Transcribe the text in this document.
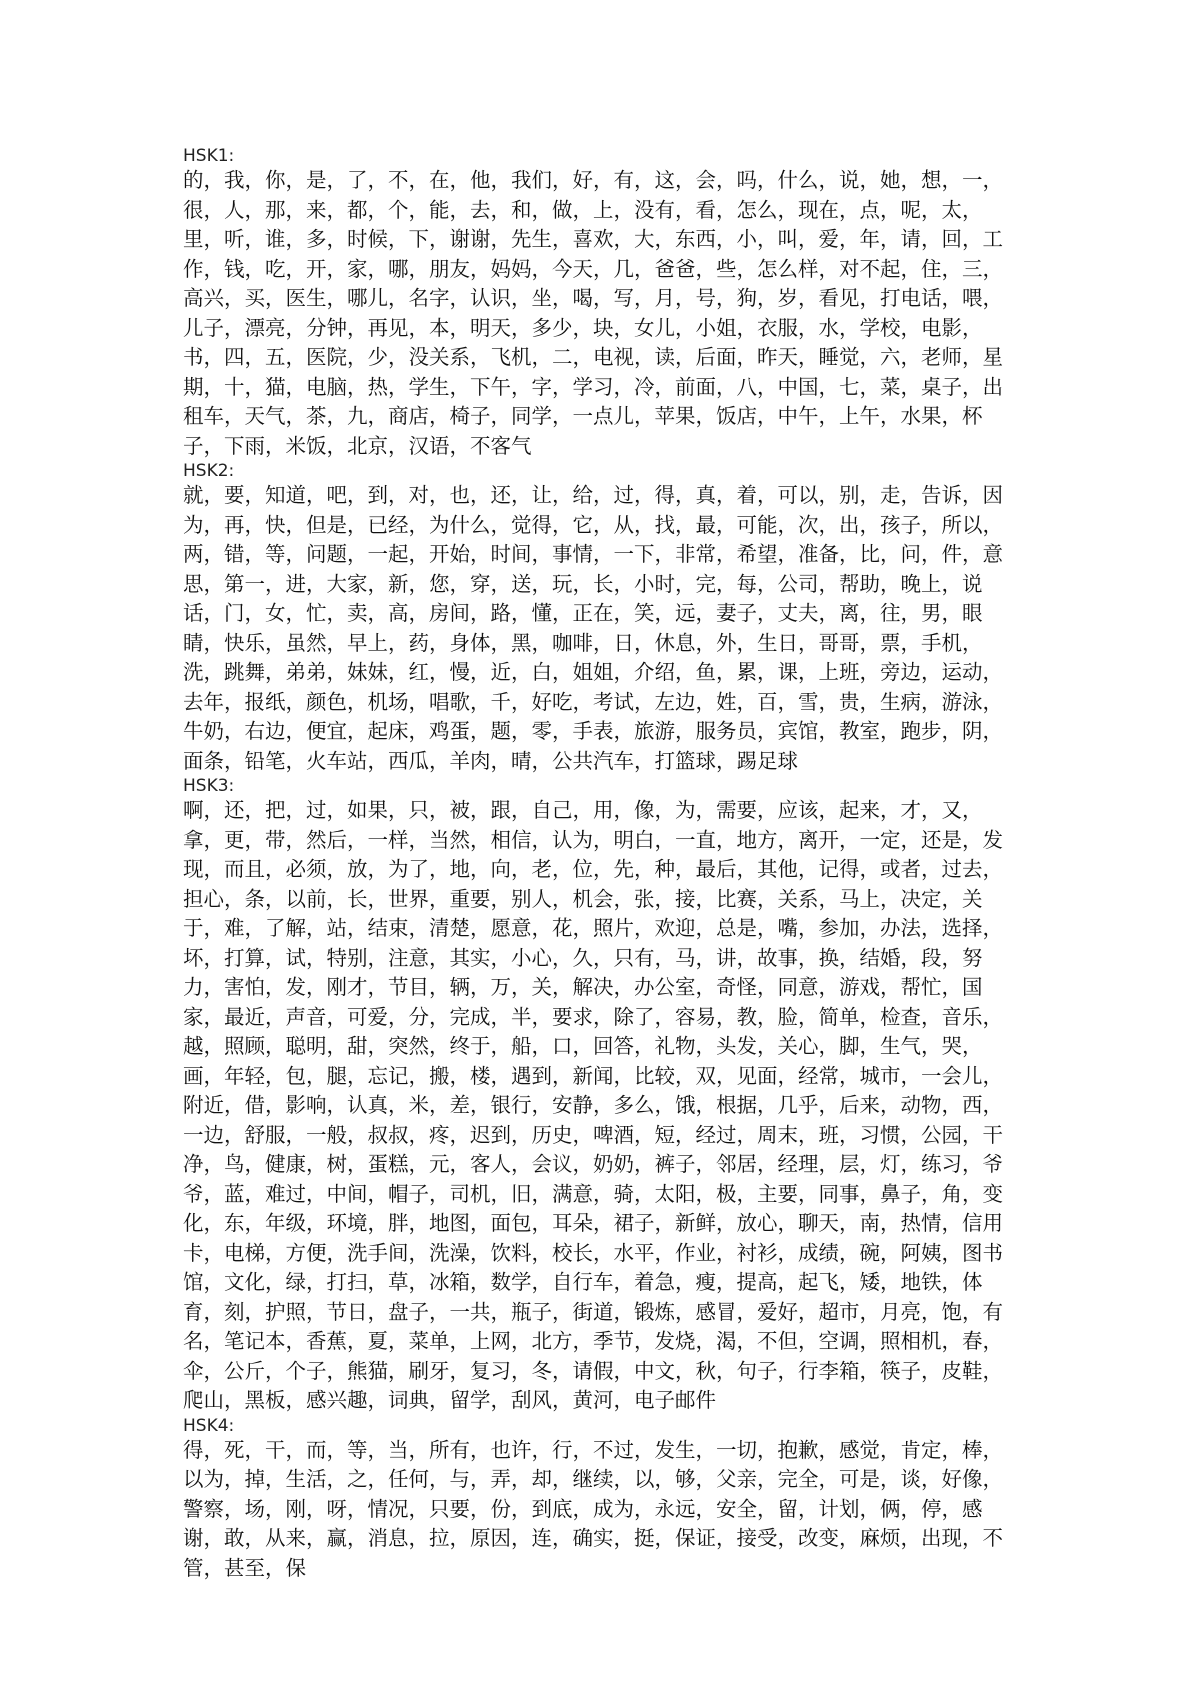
HSK1:
的，我，你，是，了，不，在，他，我们，好，有，这，会，吗，什么，说，她，想，一，很，人，那，来，都，个，能，去，和，做，上，没有，看，怎么，现在，点，呢，太，里，听，谁，多，时候，下，谢谢，先生，喜欢，大，东西，小，叫，爱，年，请，回，工作，钱，吃，开，家，哪，朋友，妈妈，今天，几，爸爸，些，怎么样，对不起，住，三，高兴，买，医生，哪儿，名字，认识，坐，喝，写，月，号，狗，岁，看见，打电话，喂，儿子，漂亮，分钟，再见，本，明天，多少，块，女儿，小姐，衣服，水，学校，电影，书，四，五，医院，少，没关系，飞机，二，电视，读，后面，昨天，睡觉，六，老师，星期，十，猫，电脑，热，学生，下午，字，学习，冷，前面，八，中国，七，菜，桌子，出租车，天气，茶，九，商店，椅子，同学，一点儿，苹果，饭店，中午，上午，水果，杯子，下雨，米饭，北京，汉语，不客气
HSK2:
就，要，知道，吧，到，对，也，还，让，给，过，得，真，着，可以，别，走，告诉，因为，再，快，但是，已经，为什么，觉得，它，从，找，最，可能，次，出，孩子，所以，两，错，等，问题，一起，开始，时间，事情，一下，非常，希望，准备，比，问，件，意思，第一，进，大家，新，您，穿，送，玩，长，小时，完，每，公司，帮助，晚上，说话，门，女，忙，卖，高，房间，路，懂，正在，笑，远，妻子，丈夫，离，往，男，眼睛，快乐，虽然，早上，药，身体，黑，咖啡，日，休息，外，生日，哥哥，票，手机，洗，跳舞，弟弟，妹妹，红，慢，近，白，姐姐，介绍，鱼，累，课，上班，旁边，运动，去年，报纸，颜色，机场，唱歌，千，好吃，考试，左边，姓，百，雪，贵，生病，游泳，牛奶，右边，便宜，起床，鸡蛋，题，零，手表，旅游，服务员，宾馆，教室，跑步，阴，面条，铅笔，火车站，西瓜，羊肉，晴，公共汽车，打篮球，踢足球
HSK3:
啊，还，把，过，如果，只，被，跟，自己，用，像，为，需要，应该，起来，才，又，拿，更，带，然后，一样，当然，相信，认为，明白，一直，地方，离开，一定，还是，发现，而且，必须，放，为了，地，向，老，位，先，种，最后，其他，记得，或者，过去，担心，条，以前，长，世界，重要，别人，机会，张，接，比赛，关系，马上，决定，关于，难，了解，站，结束，清楚，愿意，花，照片，欢迎，总是，嘴，参加，办法，选择，坏，打算，试，特别，注意，其实，小心，久，只有，马，讲，故事，换，结婚，段，努力，害怕，发，刚才，节目，辆，万，关，解决，办公室，奇怪，同意，游戏，帮忙，国家，最近，声音，可爱，分，完成，半，要求，除了，容易，教，脸，简单，检查，音乐，越，照顾，聪明，甜，突然，终于，船，口，回答，礼物，头发，关心，脚，生气，哭，画，年轻，包，腿，忘记，搬，楼，遇到，新闻，比较，双，见面，经常，城市，一会儿，附近，借，影响，认真，米，差，银行，安静，多么，饿，根据，几乎，后来，动物，西，一边，舒服，一般，叔叔，疼，迟到，历史，啤酒，短，经过，周末，班，习惯，公园，干净，鸟，健康，树，蛋糕，元，客人，会议，奶奶，裤子，邻居，经理，层，灯，练习，爷爷，蓝，难过，中间，帽子，司机，旧，满意，骑，太阳，极，主要，同事，鼻子，角，变化，东，年级，环境，胖，地图，面包，耳朵，裙子，新鲜，放心，聊天，南，热情，信用卡，电梯，方便，洗手间，洗澡，饮料，校长，水平，作业，衬衫，成绩，碗，阿姨，图书馆，文化，绿，打扫，草，冰箱，数学，自行车，着急，瘦，提高，起飞，矮，地铁，体育，刻，护照，节日，盘子，一共，瓶子，街道，锻炼，感冒，爱好，超市，月亮，饱，有名，笔记本，香蕉，夏，菜单，上网，北方，季节，发烧，渴，不但，空调，照相机，春，伞，公斤，个子，熊猫，刷牙，复习，冬，请假，中文，秋，句子，行李箱，筷子，皮鞋，爬山，黑板，感兴趣，词典，留学，刮风，黄河，电子邮件
HSK4:
得，死，干，而，等，当，所有，也许，行，不过，发生，一切，抱歉，感觉，肯定，棒，以为，掉，生活，之，任何，与，弄，却，继续，以，够，父亲，完全，可是，谈，好像，警察，场，刚，呀，情况，只要，份，到底，成为，永远，安全，留，计划，俩，停，感谢，敢，从来，赢，消息，拉，原因，连，确实，挺，保证，接受，改变，麻烦，出现，不管，甚至，保
